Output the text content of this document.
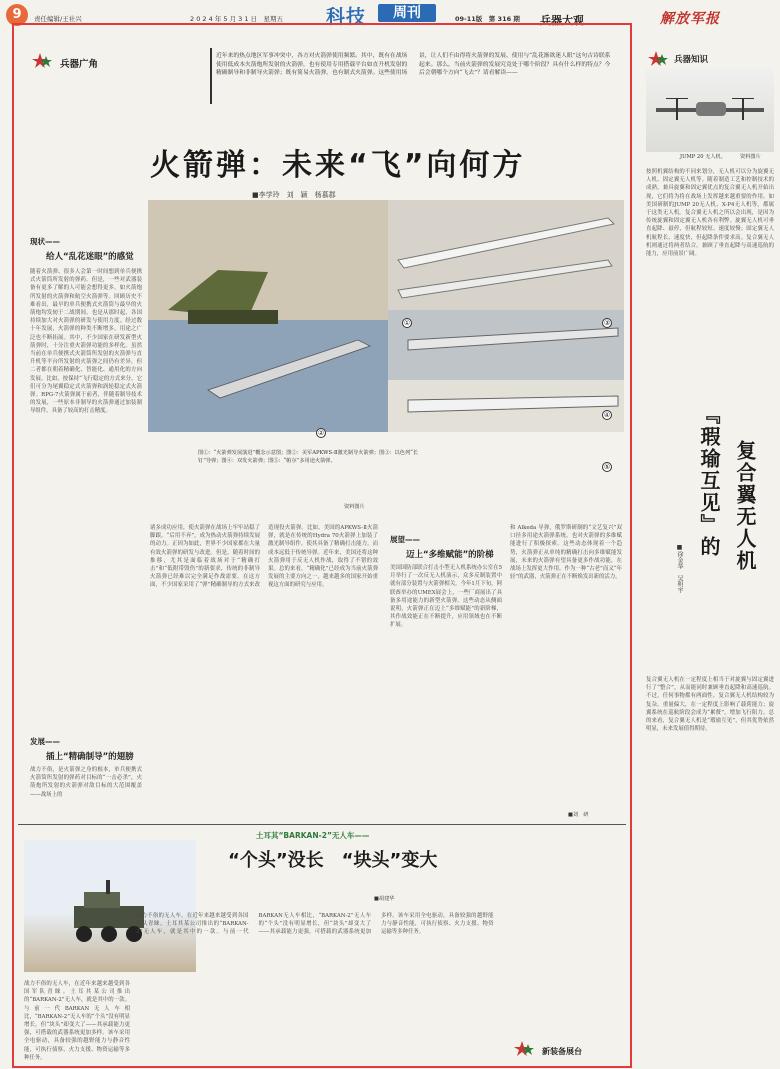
9	责任编辑/王社兴	2 0 2 4 年 5 月 3 1 日　星期五 科技	周刊	09-11版　第 316 期 兵器大观	解放军报
兵器广角
近年来的热点地区军事冲突中，各方对火箭弹使用频繁。其中，既有在战场使用低成本火箭炮所发射的火箭弹，也有使用专用搭载平台如直升机发射的精确制导和非制导火箭弹；既有简易火箭弹，也有制式火箭弹。这些使用场景，让人们不由得将火箭弹的发展、使用与“乱花渐欲迷人眼”这句古诗联系起来。那么，当前火箭弹的发展究竟处于哪个阶段？具有什么样的特点？今后会朝哪个方向“飞去”？请看解读——
火箭弹：未来“飞”向何方
■李学玲　刘　颖　杨慕郡
①
②
③
④
⑤
图①：“火箭弹发展演进”概念示意图；图②：美军APKWS-Ⅱ激光制导火箭弹；图③：以色列“长钉”导弹；图④：双发火箭弹；图⑤：“帕尔”多用途火箭弹。
资料图片
现状——
给人“乱花迷眼”的感觉
随着火箭弹、很多人会第一时间想到单兵便携式火箭筒所发射的弹药。但是，一些对武器装备有更多了解的人可能会想得更多，如火箭炮所发射的火箭弹和航空火箭弹等。回顾历史不难看出，最早的单兵便携式火箭筒与最早的火箭炮均发轫于二战期间，也是从那时起，各国持续加大对火箭弹的研发与使用力度。经过数十年发展，火箭弹的种类不断增多，用途之广泛也不断拓展。其中，不少国家在研发新型火箭弹时，十分注重火箭弹功能的多样化。虽然当前在单兵便携式火箭筒所发射的火箭弹与直升机等平台所发射的火箭弹之间仍有差异，但二者都在朝着精确化、智能化、通用化的方向发展。比如，按保持“飞行稳定的方式来分，它们可分为尾翼稳定式火箭弹和涡轮稳定式火箭弹。RPG-7火箭弹属于前者，伴随着制导技术的发展，一些原本非制导的火箭弹通过加装制导组件，具备了较高的打击精度。
发展——
插上“精确制导”的翅膀
战力不俗，是火箭弹之身的根本，单兵便携式火箭筒所发射的弹药对目标的“一击必杀”，火箭炮所发射的火箭弹对敌目标的大范围覆盖——战场上的
诸多成功应用，使火箭弹在战场上牢牢站稳了脚跟。“后用不弃”，成为热动火箭弹持续发展的动力。正因为如此，世界不少国家都在大量有效火箭弹的研发与改进。但是，随着时间的推移，尤其是面临着战场对于“精确打击”和“低附带毁伤”的新要求，传统的非制导火箭弹已经难以完全满足作战需要。在这方面，不少国家采用了“弹”精确制导的方式来改造现役火箭弹。比如，美国的APKWS-Ⅱ火箭弹，就是在传统的Hydra 70火箭弹上加装了激光制导组件，使其具备了精确打击能力，而成本远低于传统导弹。近年来，美国还将这种火箭弹用于反无人机作战，取得了不错的效果。总的来看，“精确化”已经成为当前火箭弹发展的主要方向之一，越来越多的国家开始重视这方面的研究与应用。
展望——
迈上“多维赋能”的阶梯
美国国防部联合打击小型无人机系统办公室在5月举行了一次反无人机演示，众多反制装置中就有部分装置与火箭弹相关。今年1月下旬，阿联酋举办的UMEX展会上，一些厂商展出了具备多用途能力的新型火箭弹。这些动态从侧面说明，火箭弹正在迈上“多维赋能”的新阶梯，其作战效能正在不断提升，应用领域也在不断扩展。
和 Alkeda 导弹，俄罗斯研制的“文艺复兴”双口径多用途火箭弹系统，也对火箭弹的多维赋能进行了积极探索。这些动态体现着一个趋势，火箭弹正从单纯的精确打击向多维赋能发展，未来的火箭弹有望具备更多作战功能，在战场上发挥更大作用。作为一种“古老”而又“年轻”的武器，火箭弹正在不断焕发出新的活力。
■刘　研
土耳其“BARKAN-2”无人车——
“个头”没长　“块头”变大
■胡建华
战力不俗的无人车，在近年来越来越受到各国军队青睐。土耳其某公司推出的“BARKAN-2”无人车，就是其中的一款。与前一代BARKAN无人车相比，“BARKAN-2”无人车的“个头”没有明显增长，但“块头”却变大了——其承载能力更强，可搭载的武器系统更加多样。该车采用全电驱动，具备较强的越野能力与静音性能，可执行侦察、火力支援、物资运输等多种任务。
战力不俗的无人车，在近年来越来越受到各国军队青睐。土耳其某公司推出的“BARKAN-2”无人车，就是其中的一款。与前一代BARKAN无人车相比，“BARKAN-2”无人车的“个头”没有明显增长，但“块头”却变大了——其承载能力更强，可搭载的武器系统更加多样。该车采用全电驱动，具备较强的越野能力与静音性能，可执行侦察、火力支援、物资运输等多种任务。
新装备展台
兵器知识
JUMP 20 无人机。	资料图片
按照机翼结构的不同来划分，无人机可以分为旋翼无人机、固定翼无人机等。随着制造工艺和控制技术的成熟，兼具旋翼和固定翼优点的复合翼无人机开始出现，它们将为将在战场上发挥越来越重要的作用。如美国研制的JUMP 20无人机、X-P4无人机等，都属于这类无人机。复合翼无人机之所以会出现，是因为传统旋翼和固定翼无人机各有利弊。旋翼无人机可垂直起降、悬停，但航程较短、速度较慢；固定翼无人机航程长、速度快，但起降条件要求高。复合翼无人机则通过将两者结合，兼顾了垂直起降与高速巡航的能力，应用前景广阔。
『瑕瑜互见』的 复合翼无人机
■徐金华　吴明宇
复合翼无人机在一定程度上相当于对旋翼与固定翼进行了“整合”，从而能同时兼顾垂直起降和高速巡航。不过，任何事物都有两面性。复合翼无人机结构较为复杂，重量偏大，在一定程度上影响了载荷能力；旋翼系统在巡航阶段会成为“累赘”，增加飞行阻力。总的来看，复合翼无人机是“瑕瑜互见”，但其优势依然明显，未来发展值得期待。
